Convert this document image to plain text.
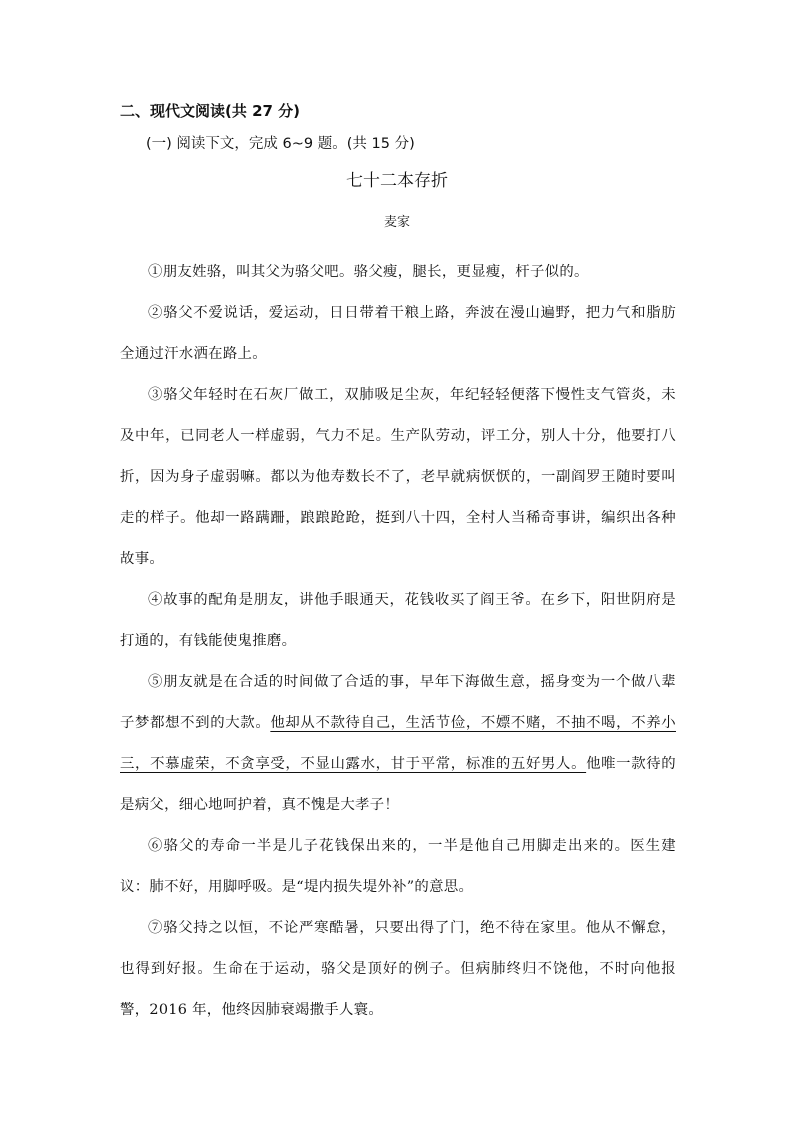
二、现代文阅读(共 27 分)
(一) 阅读下文，完成 6~9 题。(共 15 分)
七十二本存折
麦家

①朋友姓骆，叫其父为骆父吧。骆父瘦，腿长，更显瘦，杆子似的。

②骆父不爱说话，爱运动，日日带着干粮上路，奔波在漫山遍野，把力气和脂肪全通过汗水洒在路上。

③骆父年轻时在石灰厂做工，双肺吸足尘灰，年纪轻轻便落下慢性支气管炎，未及中年，已同老人一样虚弱，气力不足。生产队劳动，评工分，别人十分，他要打八折，因为身子虚弱嘛。都以为他寿数长不了，老早就病恹恹的，一副阎罗王随时要叫走的样子。他却一路蹒跚，踉踉跄跄，挺到八十四，全村人当稀奇事讲，编织出各种故事。

④故事的配角是朋友，讲他手眼通天，花钱收买了阎王爷。在乡下，阳世阴府是打通的，有钱能使鬼推磨。

⑤朋友就是在合适的时间做了合适的事，早年下海做生意，摇身变为一个做八辈子梦都想不到的大款。他却从不款待自己，生活节俭，不嫖不赌，不抽不喝，不养小三，不慕虚荣，不贪享受，不显山露水，甘于平常，标准的五好男人。他唯一款待的是病父，细心地呵护着，真不愧是大孝子！

⑥骆父的寿命一半是儿子花钱保出来的，一半是他自己用脚走出来的。医生建议：肺不好，用脚呼吸。是“堤内损失堤外补”的意思。

⑦骆父持之以恒，不论严寒酷暑，只要出得了门，绝不待在家里。他从不懈怠，也得到好报。生命在于运动，骆父是顶好的例子。但病肺终归不饶他，不时向他报警，2016 年，他终因肺衰竭撒手人寰。
